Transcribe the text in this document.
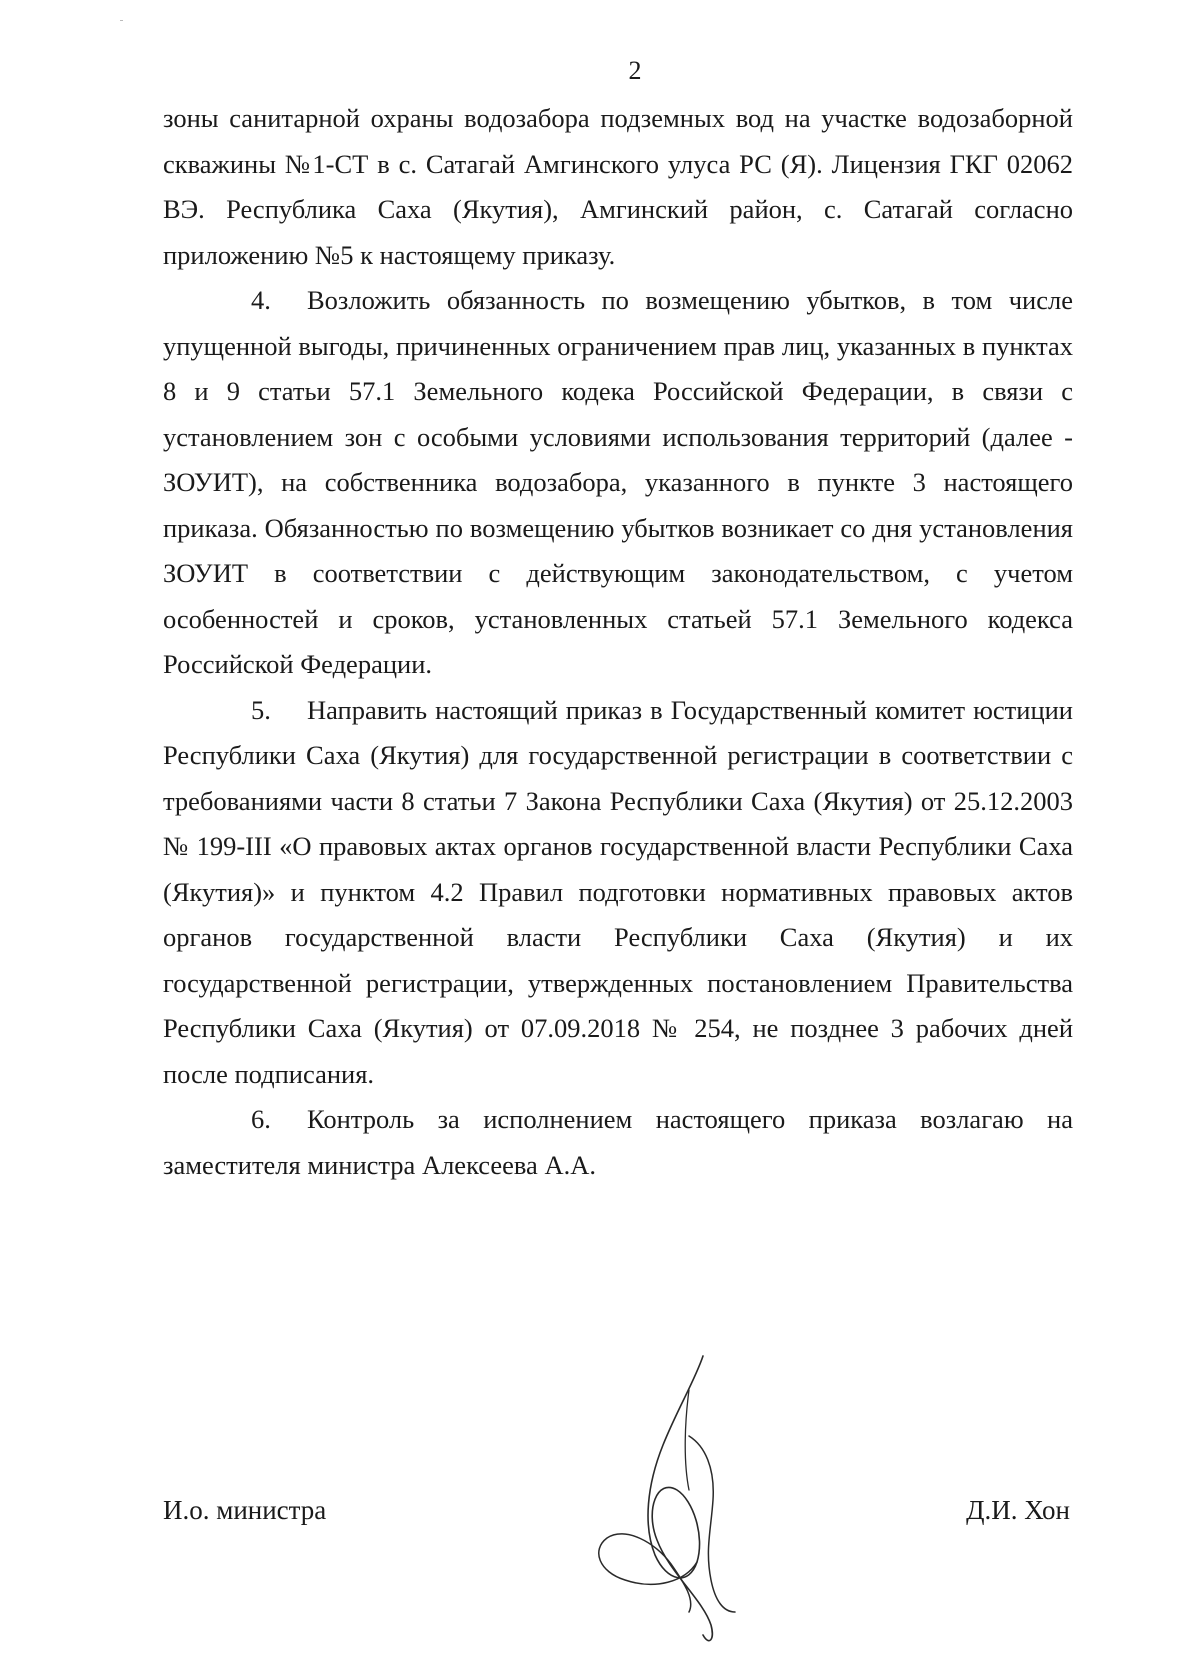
2

зоны санитарной охраны водозабора подземных вод на участке водозаборной скважины №1-СТ в с. Сатагай Амгинского улуса РС (Я). Лицензия ГКГ 02062 ВЭ. Республика Саха (Якутия), Амгинский район, с. Сатагай согласно приложению №5 к настоящему приказу.

4. Возложить обязанность по возмещению убытков, в том числе упущенной выгоды, причиненных ограничением прав лиц, указанных в пунктах 8 и 9 статьи 57.1 Земельного кодека Российской Федерации, в связи с установлением зон с особыми условиями использования территорий (далее - ЗОУИТ), на собственника водозабора, указанного в пункте 3 настоящего приказа. Обязанностью по возмещению убытков возникает со дня установления ЗОУИТ в соответствии с действующим законодательством, с учетом особенностей и сроков, установленных статьей 57.1 Земельного кодекса Российской Федерации.

5. Направить настоящий приказ в Государственный комитет юстиции Республики Саха (Якутия) для государственной регистрации в соответствии с требованиями части 8 статьи 7 Закона Республики Саха (Якутия) от 25.12.2003 № 199-III «О правовых актах органов государственной власти Республики Саха (Якутия)» и пунктом 4.2 Правил подготовки нормативных правовых актов органов государственной власти Республики Саха (Якутия) и их государственной регистрации, утвержденных постановлением Правительства Республики Саха (Якутия) от 07.09.2018 № 254, не позднее 3 рабочих дней после подписания.

6. Контроль за исполнением настоящего приказа возлагаю на заместителя министра Алексеева А.А.

И.о. министра	Д.И. Хон
